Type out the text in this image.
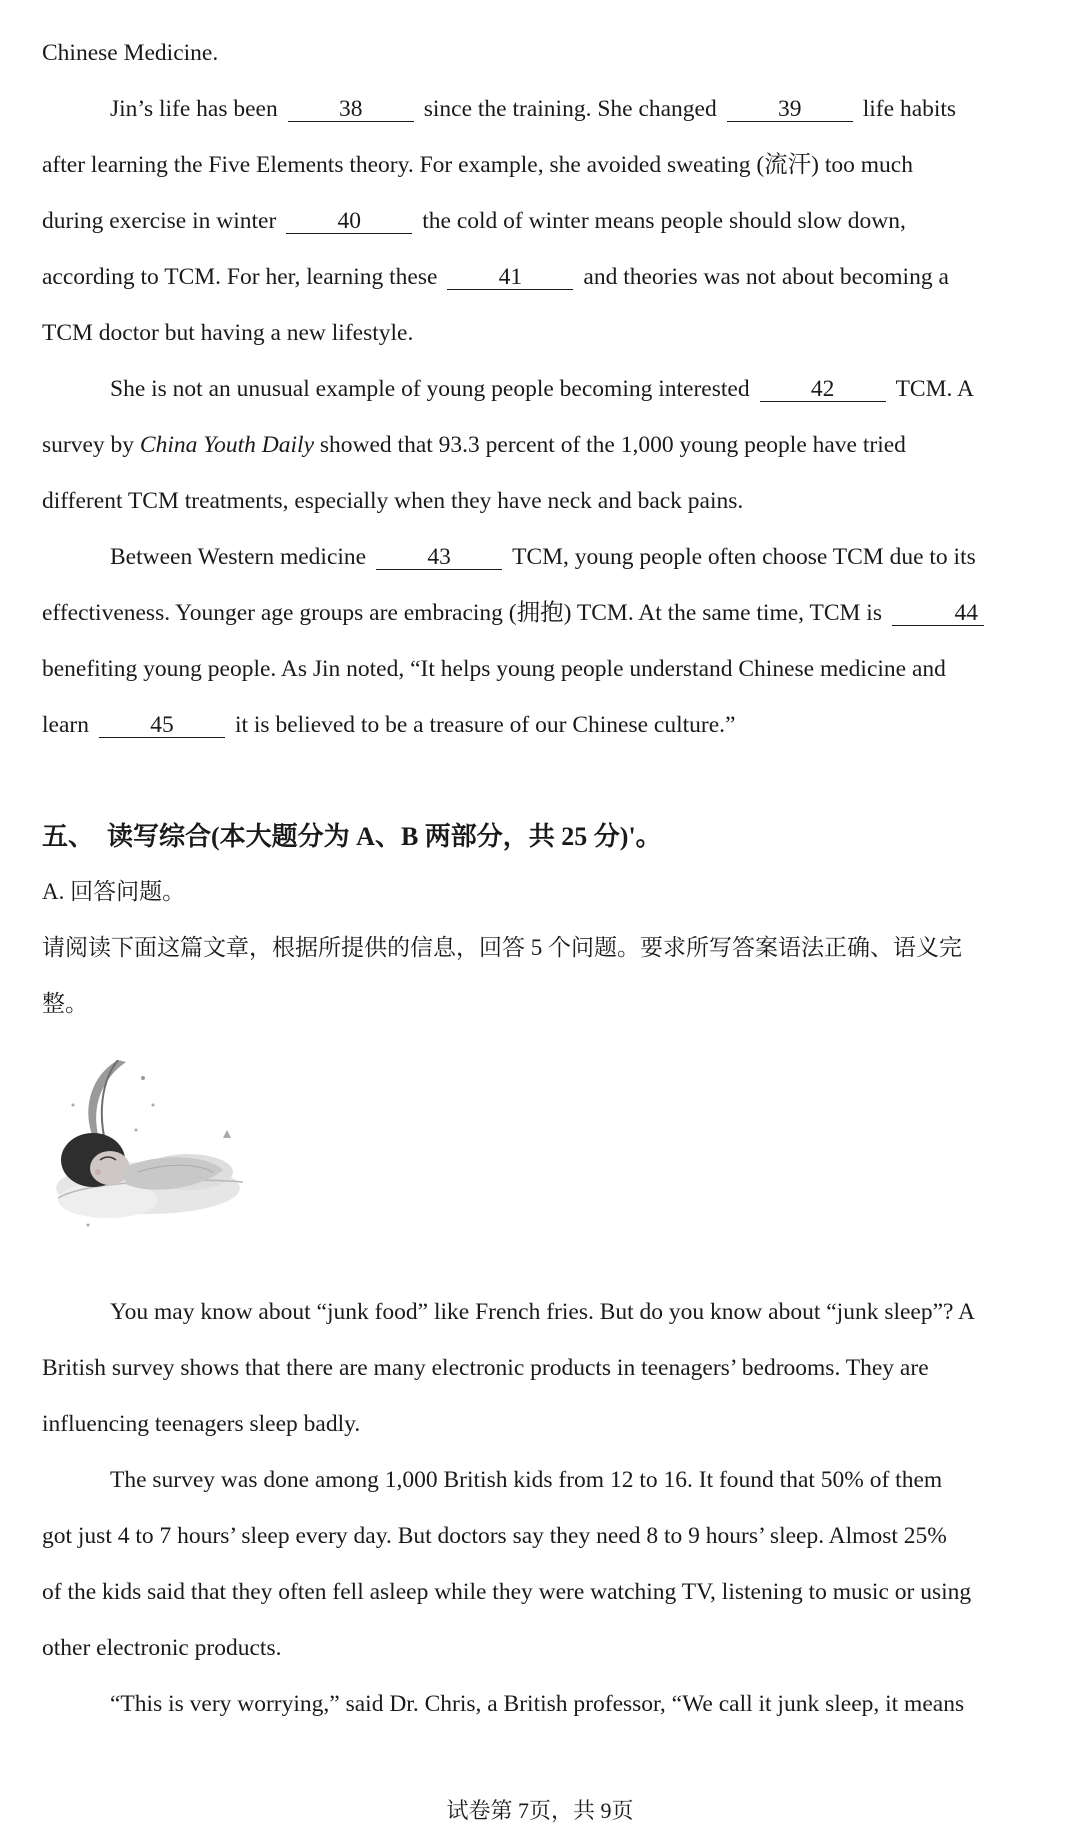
Chinese Medicine.
Jin’s life has been	38	since the training. She changed	39	life habits
after learning the Five Elements theory. For example, she avoided sweating (流汗) too much
during exercise in winter	40	the cold of winter means people should slow down,
according to TCM. For her, learning these	41	and theories was not about becoming a
TCM doctor but having a new lifestyle.
She is not an unusual example of young people becoming interested	42	TCM. A
survey by China Youth Daily showed that 93.3 percent of the 1,000 young people have tried
different TCM treatments, especially when they have neck and back pains.
Between Western medicine	43	TCM, young people often choose TCM due to its
effectiveness. Younger age groups are embracing (拥抱) TCM. At the same time, TCM is	44
benefiting young people. As Jin noted, “It helps young people understand Chinese medicine and
learn	45	it is believed to be a treasure of our Chinese culture.”
五、 读写综合(本大题分为 A、B 两部分，共 25 分)'。
A. 回答问题。
请阅读下面这篇文章，根据所提供的信息，回答 5 个问题。要求所写答案语法正确、语义完
整。
You may know about “junk food” like French fries. But do you know about “junk sleep”? A
British survey shows that there are many electronic products in teenagers’ bedrooms. They are
influencing teenagers sleep badly.
The survey was done among 1,000 British kids from 12 to 16. It found that 50% of them
got just 4 to 7 hours’ sleep every day. But doctors say they need 8 to 9 hours’ sleep. Almost 25%
of the kids said that they often fell asleep while they were watching TV, listening to music or using
other electronic products.
“This is very worrying,” said Dr. Chris, a British professor, “We call it junk sleep, it means
试卷第 7页，共 9页
